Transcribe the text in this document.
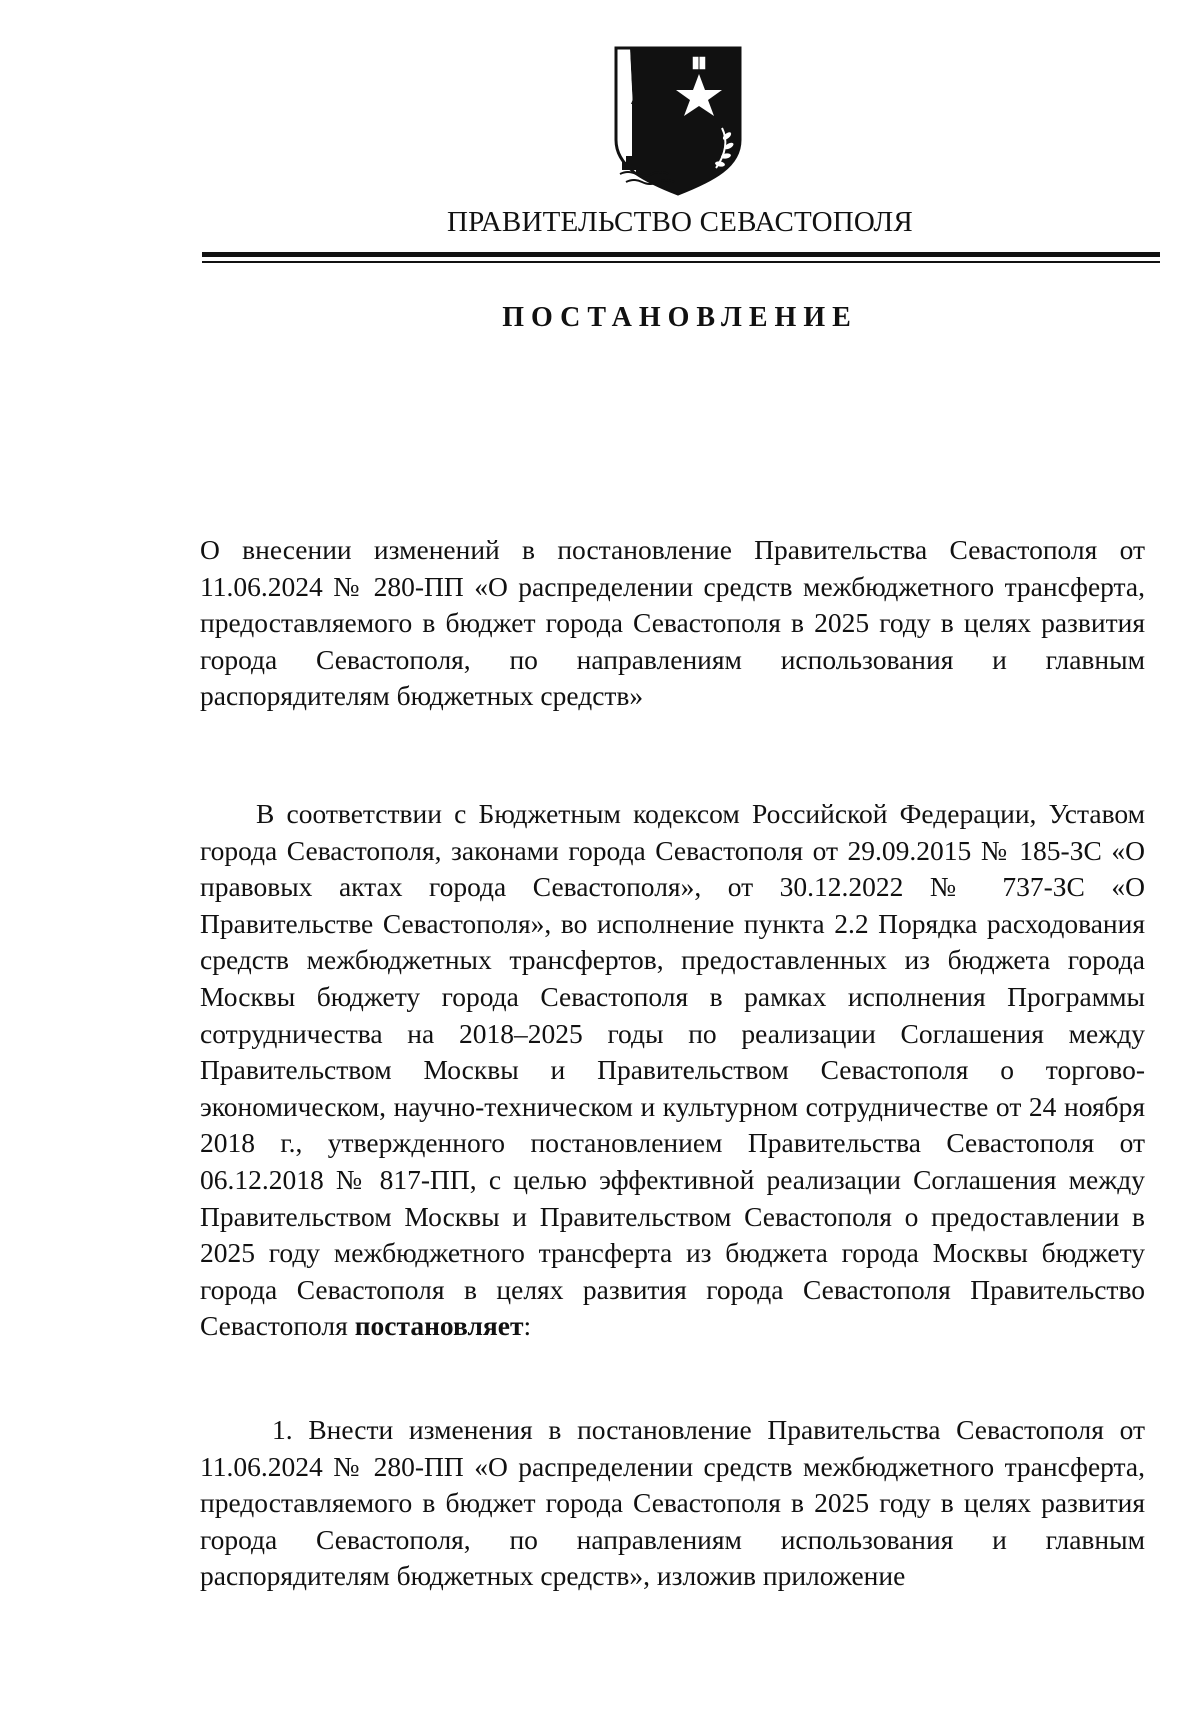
ПРАВИТЕЛЬСТВО СЕВАСТОПОЛЯ
ПОСТАНОВЛЕНИЕ

О внесении изменений в постановление Правительства Севастополя от 11.06.2024 № 280-ПП «О распределении средств межбюджетного трансферта, предоставляемого в бюджет города Севастополя в 2025 году в целях развития города Севастополя, по направлениям использования и главным распорядителям бюджетных средств»

В соответствии с Бюджетным кодексом Российской Федерации, Уставом города Севастополя, законами города Севастополя от 29.09.2015 № 185-ЗС «О правовых актах города Севастополя», от 30.12.2022 № 737-ЗС «О Правительстве Севастополя», во исполнение пункта 2.2 Порядка расходования средств межбюджетных трансфертов, предоставленных из бюджета города Москвы бюджету города Севастополя в рамках исполнения Программы сотрудничества на 2018–2025 годы по реализации Соглашения между Правительством Москвы и Правительством Севастополя о торгово-экономическом, научно-техническом и культурном сотрудничестве от 24 ноября 2018 г., утвержденного постановлением Правительства Севастополя от 06.12.2018 № 817-ПП, с целью эффективной реализации Соглашения между Правительством Москвы и Правительством Севастополя о предоставлении в 2025 году межбюджетного трансферта из бюджета города Москвы бюджету города Севастополя в целях развития города Севастополя Правительство Севастополя постановляет:

1. Внести изменения в постановление Правительства Севастополя от 11.06.2024 № 280-ПП «О распределении средств межбюджетного трансферта, предоставляемого в бюджет города Севастополя в 2025 году в целях развития города Севастополя, по направлениям использования и главным распорядителям бюджетных средств», изложив приложение
